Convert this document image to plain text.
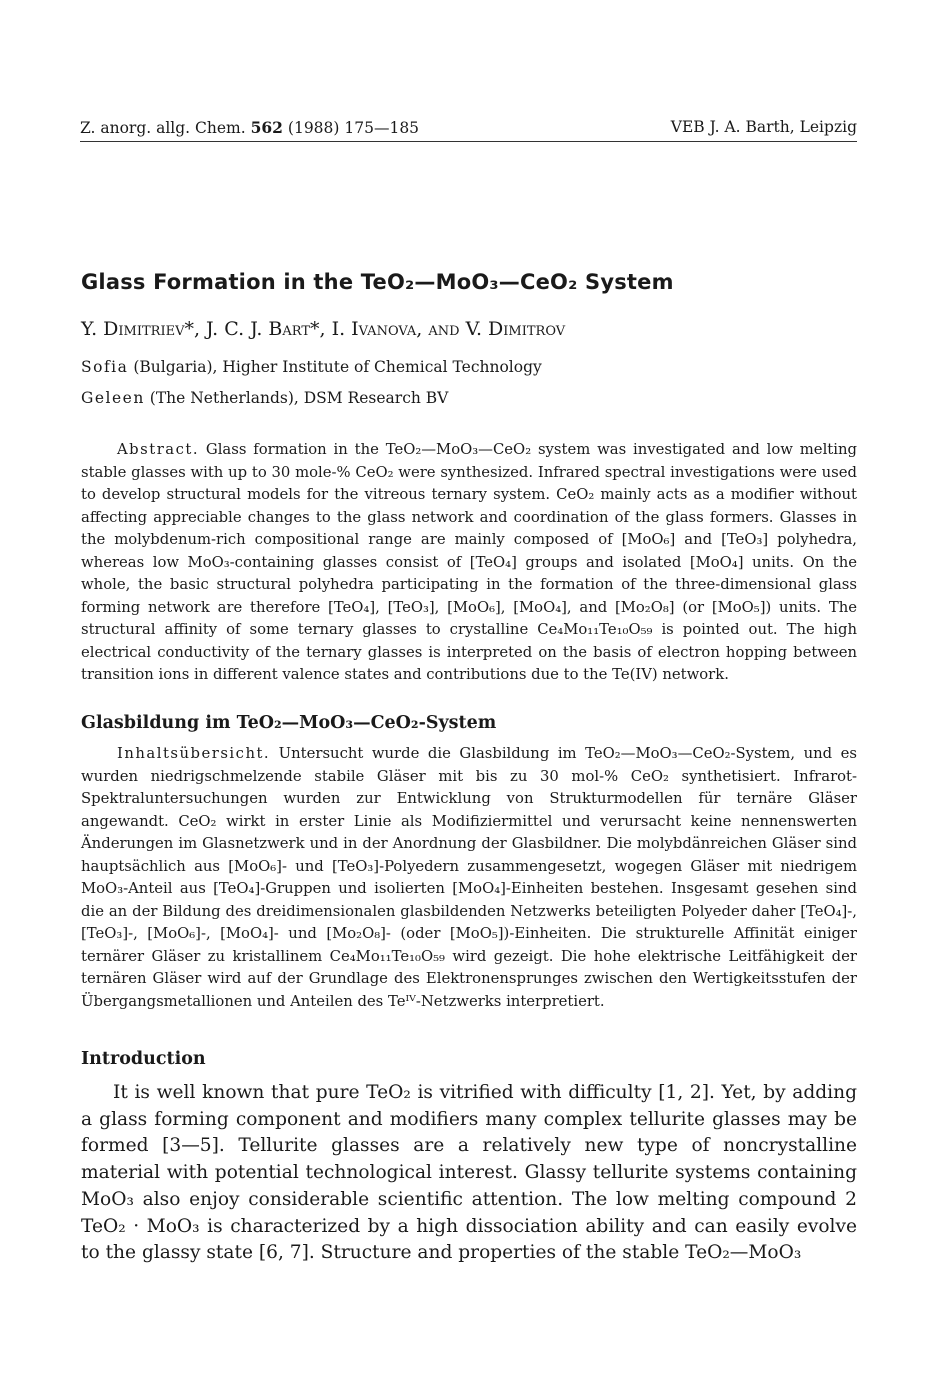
Z. anorg. allg. Chem. 562 (1988) 175—185	VEB J. A. Barth, Leipzig
Glass Formation in the TeO₂—MoO₃—CeO₂ System
Y. Dimitriev*, J. C. J. Bart*, I. Ivanova, and V. Dimitrov
Sofia (Bulgaria), Higher Institute of Chemical Technology
Geleen (The Netherlands), DSM Research BV

Abstract. Glass formation in the TeO₂—MoO₃—CeO₂ system was investigated and low melting stable glasses with up to 30 mole-% CeO₂ were synthesized. Infrared spectral investigations were used to develop structural models for the vitreous ternary system. CeO₂ mainly acts as a modifier without affecting appreciable changes to the glass network and coordination of the glass formers. Glasses in the molybdenum-rich compositional range are mainly composed of [MoO₆] and [TeO₃] polyhedra, whereas low MoO₃-containing glasses consist of [TeO₄] groups and isolated [MoO₄] units. On the whole, the basic structural polyhedra participating in the formation of the three-dimensional glass forming network are therefore [TeO₄], [TeO₃], [MoO₆], [MoO₄], and [Mo₂O₈] (or [MoO₅]) units. The structural affinity of some ternary glasses to crystalline Ce₄Mo₁₁Te₁₀O₅₉ is pointed out. The high electrical conductivity of the ternary glasses is interpreted on the basis of electron hopping between transition ions in different valence states and contributions due to the Te(IV) network.

Glasbildung im TeO₂—MoO₃—CeO₂-System

Inhaltsübersicht. Untersucht wurde die Glasbildung im TeO₂—MoO₃—CeO₂-System, und es wurden niedrigschmelzende stabile Gläser mit bis zu 30 mol-% CeO₂ synthetisiert. Infrarot-Spektraluntersuchungen wurden zur Entwicklung von Strukturmodellen für ternäre Gläser angewandt. CeO₂ wirkt in erster Linie als Modifiziermittel und verursacht keine nennenswerten Änderungen im Glasnetzwerk und in der Anordnung der Glasbildner. Die molybdänreichen Gläser sind hauptsächlich aus [MoO₆]- und [TeO₃]-Polyedern zusammengesetzt, wogegen Gläser mit niedrigem MoO₃-Anteil aus [TeO₄]-Gruppen und isolierten [MoO₄]-Einheiten bestehen. Insgesamt gesehen sind die an der Bildung des dreidimensionalen glasbildenden Netzwerks beteiligten Polyeder daher [TeO₄]-, [TeO₃]-, [MoO₆]-, [MoO₄]- und [Mo₂O₈]- (oder [MoO₅])-Einheiten. Die strukturelle Affinität einiger ternärer Gläser zu kristallinem Ce₄Mo₁₁Te₁₀O₅₉ wird gezeigt. Die hohe elektrische Leitfähigkeit der ternären Gläser wird auf der Grundlage des Elektronensprunges zwischen den Wertigkeitsstufen der Übergangsmetallionen und Anteilen des Teᴵⱽ-Netzwerks interpretiert.

Introduction

It is well known that pure TeO₂ is vitrified with difficulty [1, 2]. Yet, by adding a glass forming component and modifiers many complex tellurite glasses may be formed [3—5]. Tellurite glasses are a relatively new type of noncrystalline material with potential technological interest. Glassy tellurite systems containing MoO₃ also enjoy considerable scientific attention. The low melting compound 2 TeO₂ · MoO₃ is characterized by a high dissociation ability and can easily evolve to the glassy state [6, 7]. Structure and properties of the stable TeO₂—MoO₃
